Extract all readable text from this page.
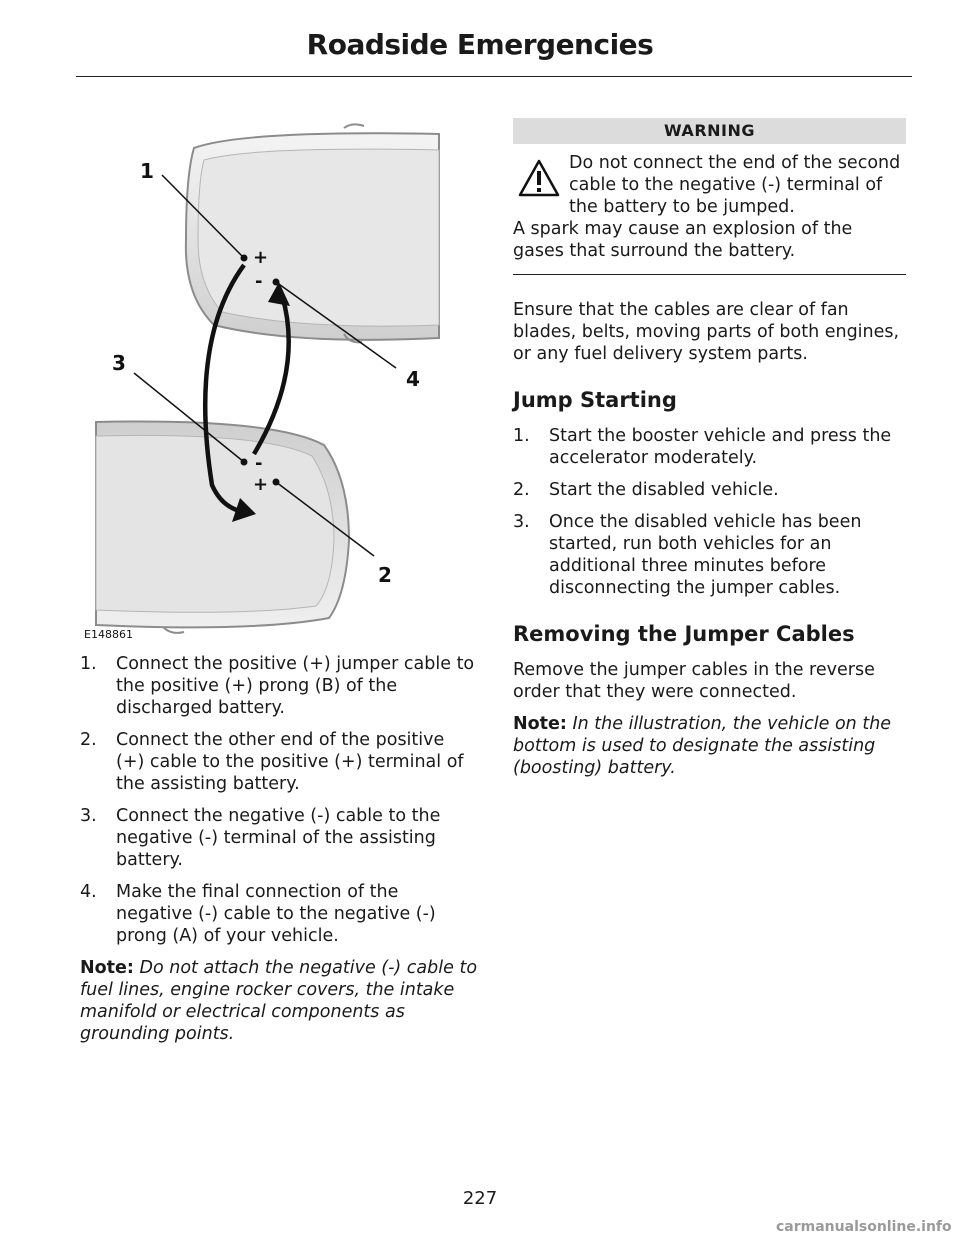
Roadside Emergencies
+
-
-
+
1
2
3
4
E148861
1. Connect the positive (+) jumper cable to the positive (+) prong (B) of the discharged battery.
2. Connect the other end of the positive (+) cable to the positive (+) terminal of the assisting battery.
3. Connect the negative (-) cable to the negative (-) terminal of the assisting battery.
4. Make the final connection of the negative (-) cable to the negative (-) prong (A) of your vehicle.
Note: Do not attach the negative (-) cable to fuel lines, engine rocker covers, the intake manifold or electrical components as grounding points.
WARNING
Do not connect the end of the second cable to the negative (-) terminal of the battery to be jumped.
A spark may cause an explosion of the gases that surround the battery.
Ensure that the cables are clear of fan blades, belts, moving parts of both engines, or any fuel delivery system parts.
Jump Starting
1. Start the booster vehicle and press the accelerator moderately.
2. Start the disabled vehicle.
3. Once the disabled vehicle has been started, run both vehicles for an additional three minutes before disconnecting the jumper cables.
Removing the Jumper Cables
Remove the jumper cables in the reverse order that they were connected.
Note: In the illustration, the vehicle on the bottom is used to designate the assisting (boosting) battery.
227
carmanualsonline.info
